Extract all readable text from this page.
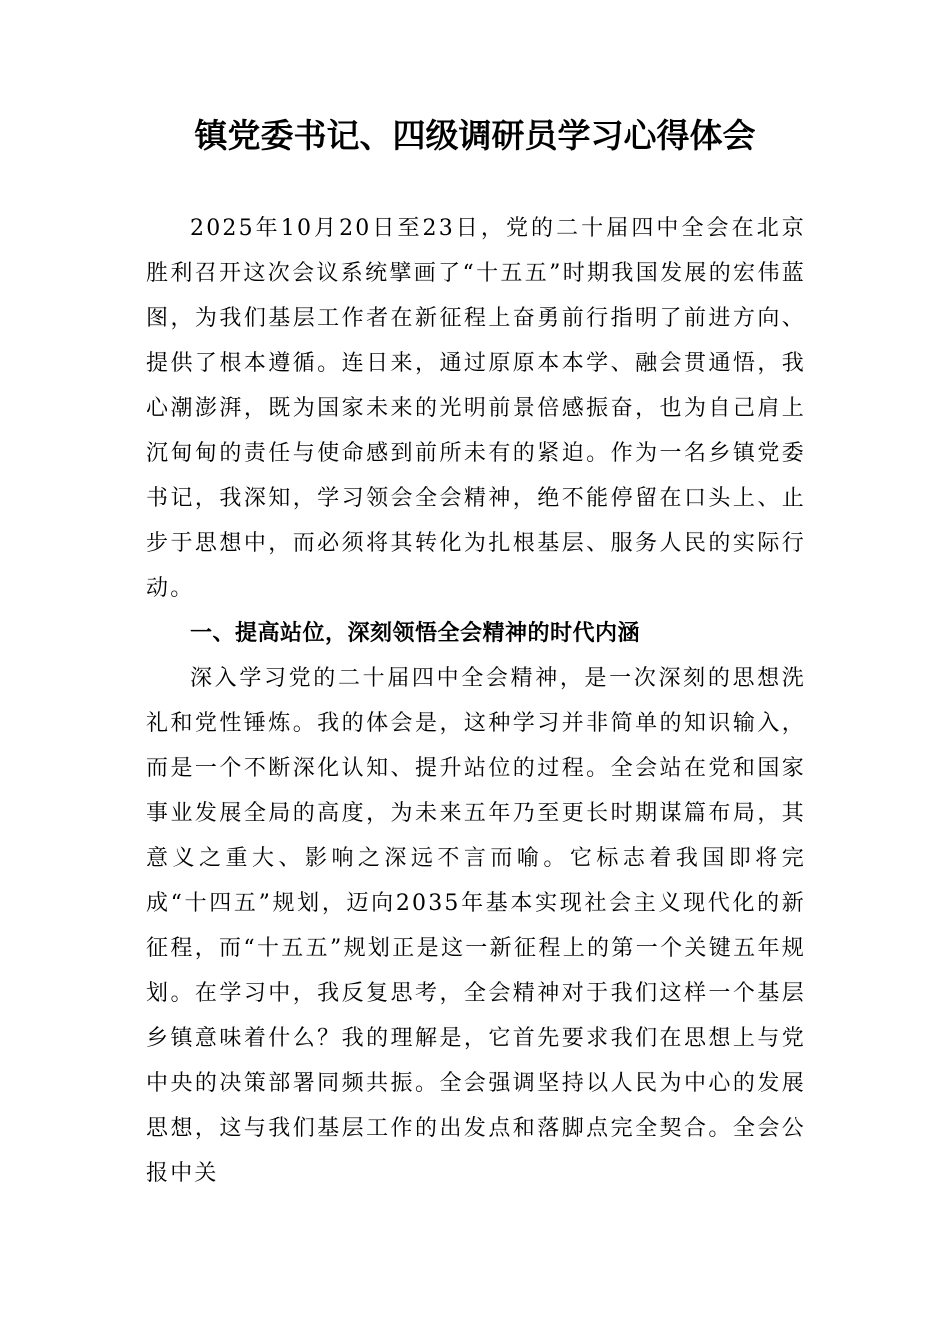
镇党委书记、四级调研员学习心得体会

2025年10月20日至23日，党的二十届四中全会在北京胜利召开这次会议系统擘画了“十五五”时期我国发展的宏伟蓝图，为我们基层工作者在新征程上奋勇前行指明了前进方向、提供了根本遵循。连日来，通过原原本本学、融会贯通悟，我心潮澎湃，既为国家未来的光明前景倍感振奋，也为自己肩上沉甸甸的责任与使命感到前所未有的紧迫。作为一名乡镇党委书记，我深知，学习领会全会精神，绝不能停留在口头上、止步于思想中，而必须将其转化为扎根基层、服务人民的实际行动。

一、提高站位，深刻领悟全会精神的时代内涵

深入学习党的二十届四中全会精神，是一次深刻的思想洗礼和党性锤炼。我的体会是，这种学习并非简单的知识输入，而是一个不断深化认知、提升站位的过程。全会站在党和国家事业发展全局的高度，为未来五年乃至更长时期谋篇布局，其意义之重大、影响之深远不言而喻。它标志着我国即将完成“十四五”规划，迈向2035年基本实现社会主义现代化的新征程，而“十五五”规划正是这一新征程上的第一个关键五年规划。在学习中，我反复思考，全会精神对于我们这样一个基层乡镇意味着什么？我的理解是，它首先要求我们在思想上与党中央的决策部署同频共振。全会强调坚持以人民为中心的发展思想，这与我们基层工作的出发点和落脚点完全契合。全会公报中关
